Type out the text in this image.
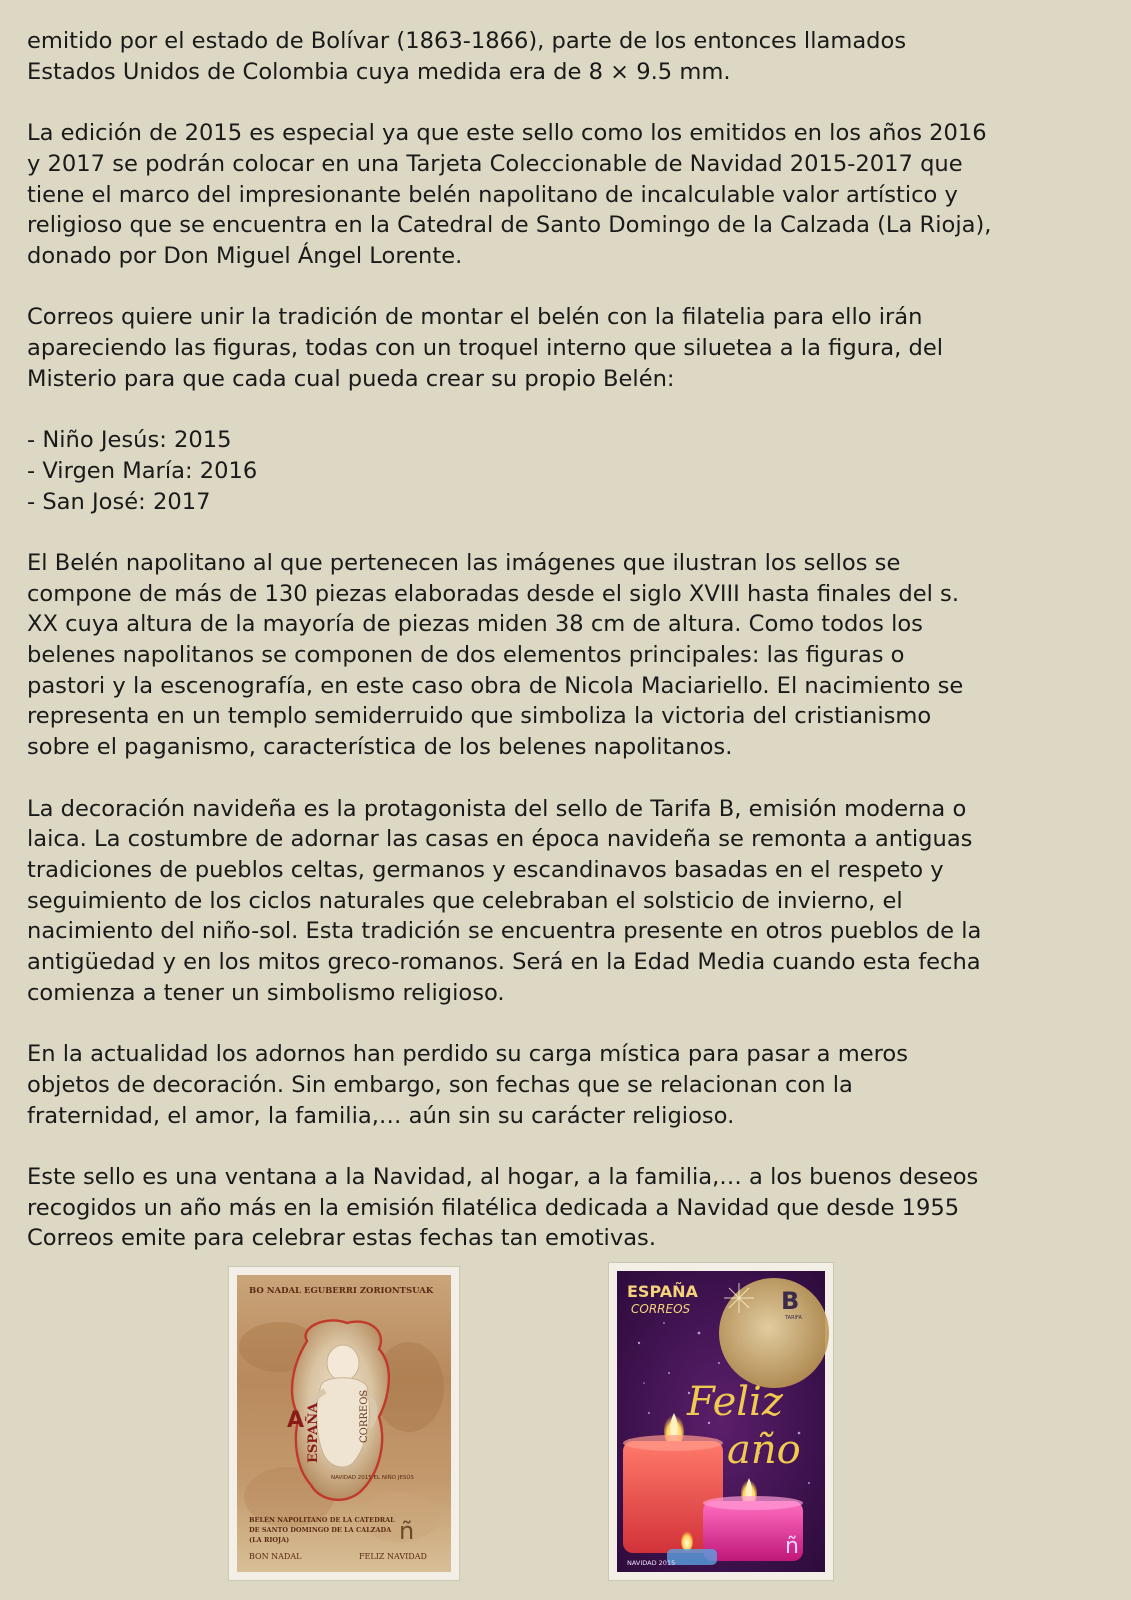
emitido por el estado de Bolívar (1863-1866), parte de los entonces llamados
Estados Unidos de Colombia cuya medida era de 8 × 9.5 mm.

La edición de 2015 es especial ya que este sello como los emitidos en los años 2016
y 2017 se podrán colocar en una Tarjeta Coleccionable de Navidad 2015-2017 que
tiene el marco del impresionante belén napolitano de incalculable valor artístico y
religioso que se encuentra en la Catedral de Santo Domingo de la Calzada (La Rioja),
donado por Don Miguel Ángel Lorente.

Correos quiere unir la tradición de montar el belén con la filatelia para ello irán
apareciendo las figuras, todas con un troquel interno que siluetea a la figura, del
Misterio para que cada cual pueda crear su propio Belén:

- Niño Jesús: 2015
- Virgen María: 2016
- San José: 2017

El Belén napolitano al que pertenecen las imágenes que ilustran los sellos se
compone de más de 130 piezas elaboradas desde el siglo XVIII hasta finales del s.
XX cuya altura de la mayoría de piezas miden 38 cm de altura. Como todos los
belenes napolitanos se componen de dos elementos principales: las figuras o
pastori y la escenografía, en este caso obra de Nicola Maciariello. El nacimiento se
representa en un templo semiderruido que simboliza la victoria del cristianismo
sobre el paganismo, característica de los belenes napolitanos.

La decoración navideña es la protagonista del sello de Tarifa B, emisión moderna o
laica. La costumbre de adornar las casas en época navideña se remonta a antiguas
tradiciones de pueblos celtas, germanos y escandinavos basadas en el respeto y
seguimiento de los ciclos naturales que celebraban el solsticio de invierno, el
nacimiento del niño-sol. Esta tradición se encuentra presente en otros pueblos de la
antigüedad y en los mitos greco-romanos. Será en la Edad Media cuando esta fecha
comienza a tener un simbolismo religioso.

En la actualidad los adornos han perdido su carga mística para pasar a meros
objetos de decoración. Sin embargo, son fechas que se relacionan con la
fraternidad, el amor, la familia,… aún sin su carácter religioso.

Este sello es una ventana a la Navidad, al hogar, a la familia,… a los buenos deseos
recogidos un año más en la emisión filatélica dedicada a Navidad que desde 1955
Correos emite para celebrar estas fechas tan emotivas.

BO NADAL EGUBERRI ZORIONTSUAK
A ESPAÑA	CORREOS
NAVIDAD 2015 EL NIÑO JESÚS
BELÉN NAPOLITANO DE LA CATEDRAL
DE SANTO DOMINGO DE LA CALZADA
(LA RIOJA)
BON NADAL	FELIZ NAVIDAD
ñ
ESPAÑA
CORREOS	B
TARIFA
Feliz
año
NAVIDAD 2015
ñ
